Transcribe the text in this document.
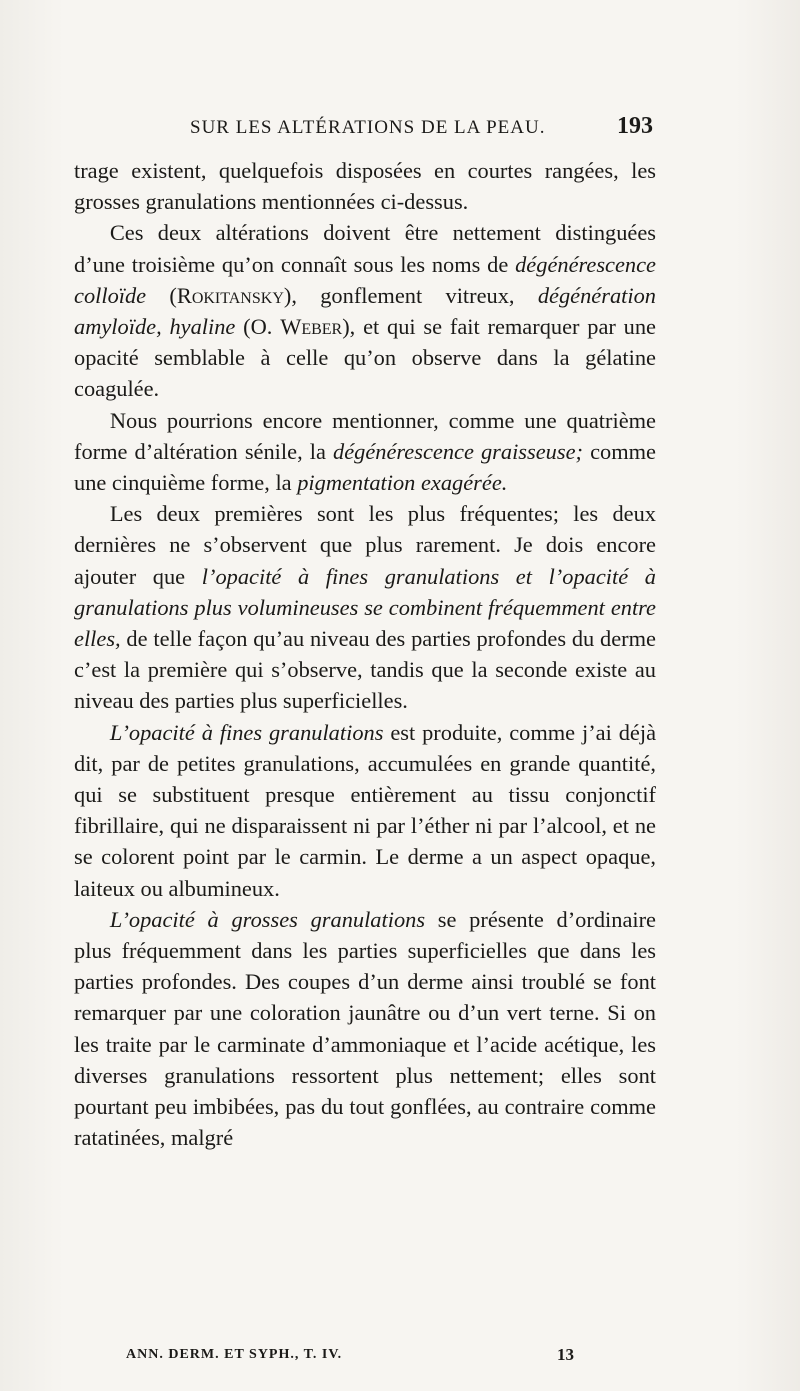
SUR LES ALTÉRATIONS DE LA PEAU.	193

trage existent, quelquefois disposées en courtes rangées, les grosses granulations mentionnées ci-dessus.

Ces deux altérations doivent être nettement distinguées d’une troisième qu’on connaît sous les noms de dégénérescence colloïde (Rokitansky), gonflement vitreux, dégénération amyloïde, hyaline (O. Weber), et qui se fait remarquer par une opacité semblable à celle qu’on observe dans la gélatine coagulée.

Nous pourrions encore mentionner, comme une quatrième forme d’altération sénile, la dégénérescence graisseuse; comme une cinquième forme, la pigmentation exagérée.

Les deux premières sont les plus fréquentes; les deux dernières ne s’observent que plus rarement. Je dois encore ajouter que l’opacité à fines granulations et l’opacité à granulations plus volumineuses se combinent fréquemment entre elles, de telle façon qu’au niveau des parties profondes du derme c’est la première qui s’observe, tandis que la seconde existe au niveau des parties plus superficielles.

L’opacité à fines granulations est produite, comme j’ai déjà dit, par de petites granulations, accumulées en grande quantité, qui se substituent presque entièrement au tissu conjonctif fibrillaire, qui ne disparaissent ni par l’éther ni par l’alcool, et ne se colorent point par le carmin. Le derme a un aspect opaque, laiteux ou albumineux.

L’opacité à grosses granulations se présente d’ordinaire plus fréquemment dans les parties superficielles que dans les parties profondes. Des coupes d’un derme ainsi troublé se font remarquer par une coloration jaunâtre ou d’un vert terne. Si on les traite par le carminate d’ammoniaque et l’acide acétique, les diverses granulations ressortent plus nettement; elles sont pourtant peu imbibées, pas du tout gonflées, au contraire comme ratatinées, malgré

ANN. DERM. ET SYPH., T. IV.	13
